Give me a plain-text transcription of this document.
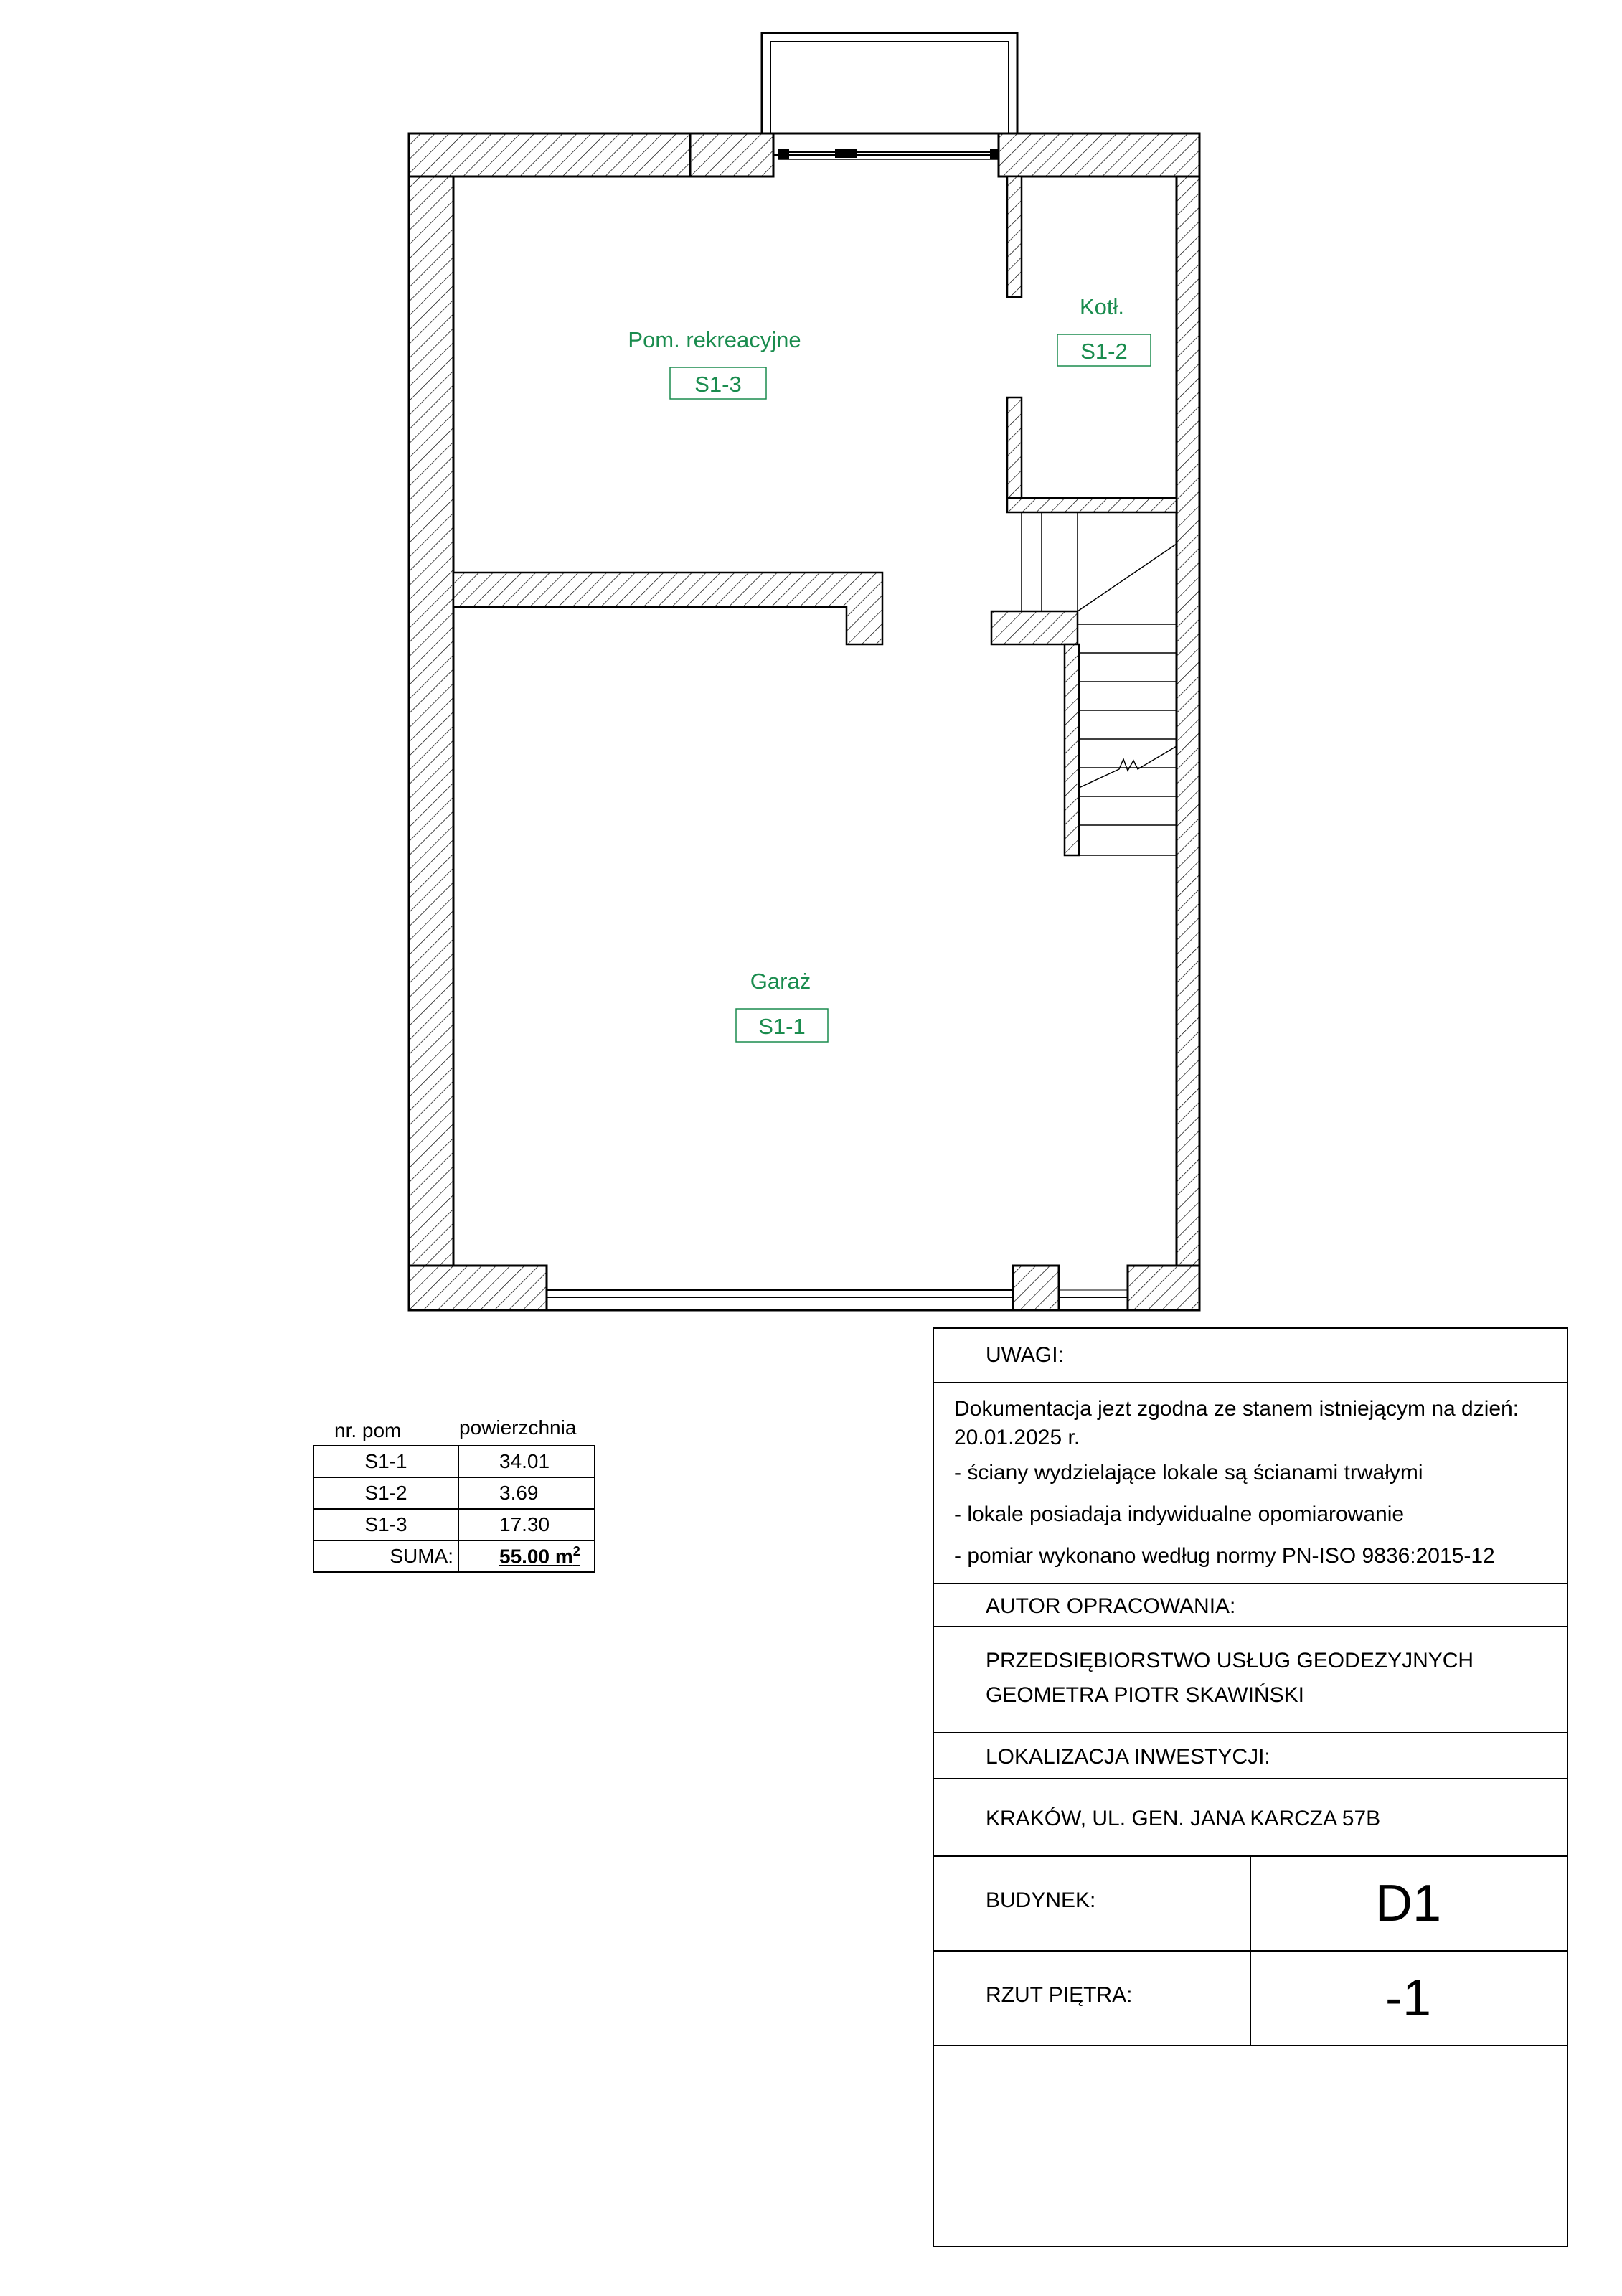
Pom. rekreacyjne
S1-3
Kotł.
S1-2
Garaż
S1-1
nr. pom	powierzchnia
S1-1	34.01
S1-2	3.69
S1-3	17.30
SUMA:	55.00 $m^2$
UWAGI:
Dokumentacja jezt zgodna ze stanem istniejącym na dzień:
20.01.2025 r.
- ściany wydzielające lokale są ścianami trwałymi
- lokale posiadaja indywidualne opomiarowanie
- pomiar wykonano według normy PN-ISO 9836:2015-12
AUTOR OPRACOWANIA:
PRZEDSIĘBIORSTWO USŁUG GEODEZYJNYCH
GEOMETRA PIOTR SKAWIŃSKI
LOKALIZACJA INWESTYCJI:
KRAKÓW, UL. GEN. JANA KARCZA 57B
BUDYNEK:	D1
RZUT PIĘTRA:	-1
